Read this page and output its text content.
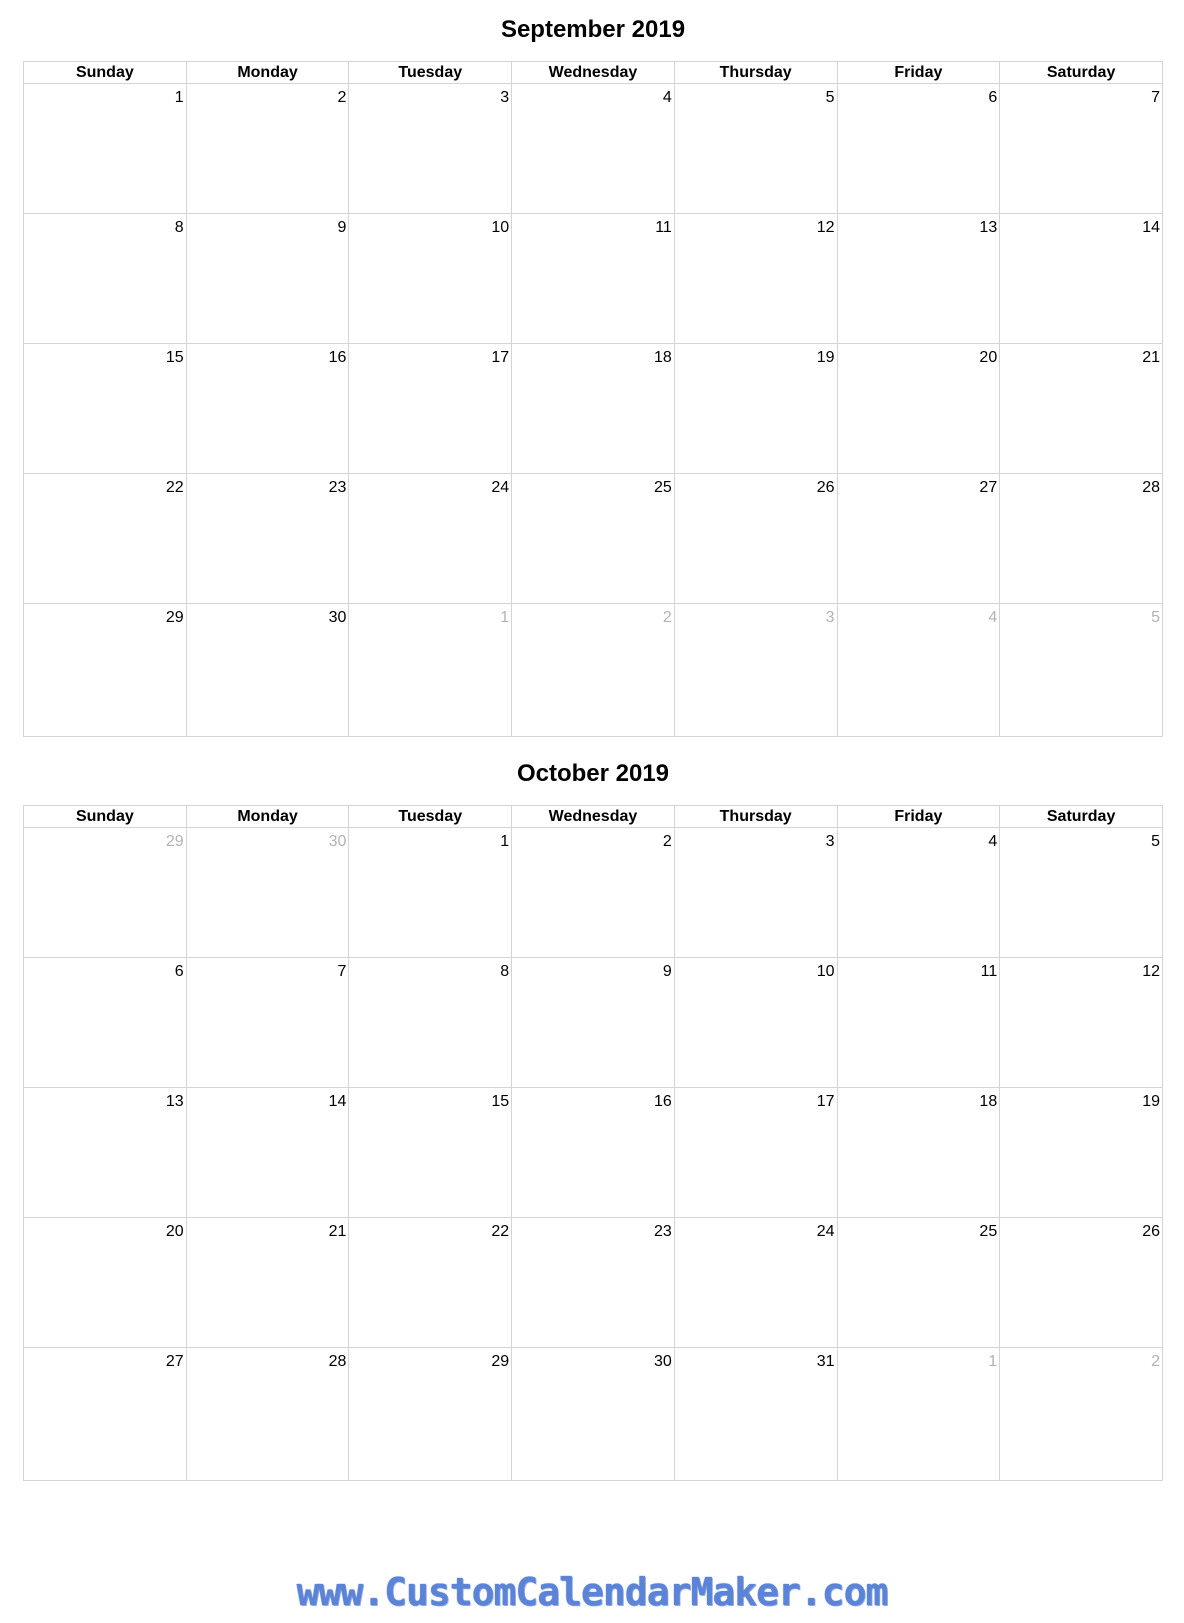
September 2019
Sunday	Monday	Tuesday	Wednesday	Thursday	Friday	Saturday

1	2	3	4	5	6	7

8	9	10	11	12	13	14

15	16	17	18	19	20	21

22	23	24	25	26	27	28

29	30	1	2	3	4	5
October 2019
Sunday	Monday	Tuesday	Wednesday	Thursday	Friday	Saturday

29	30	1	2	3	4	5

6	7	8	9	10	11	12

13	14	15	16	17	18	19

20	21	22	23	24	25	26

27	28	29	30	31	1	2
www.CustomCalendarMaker.com
